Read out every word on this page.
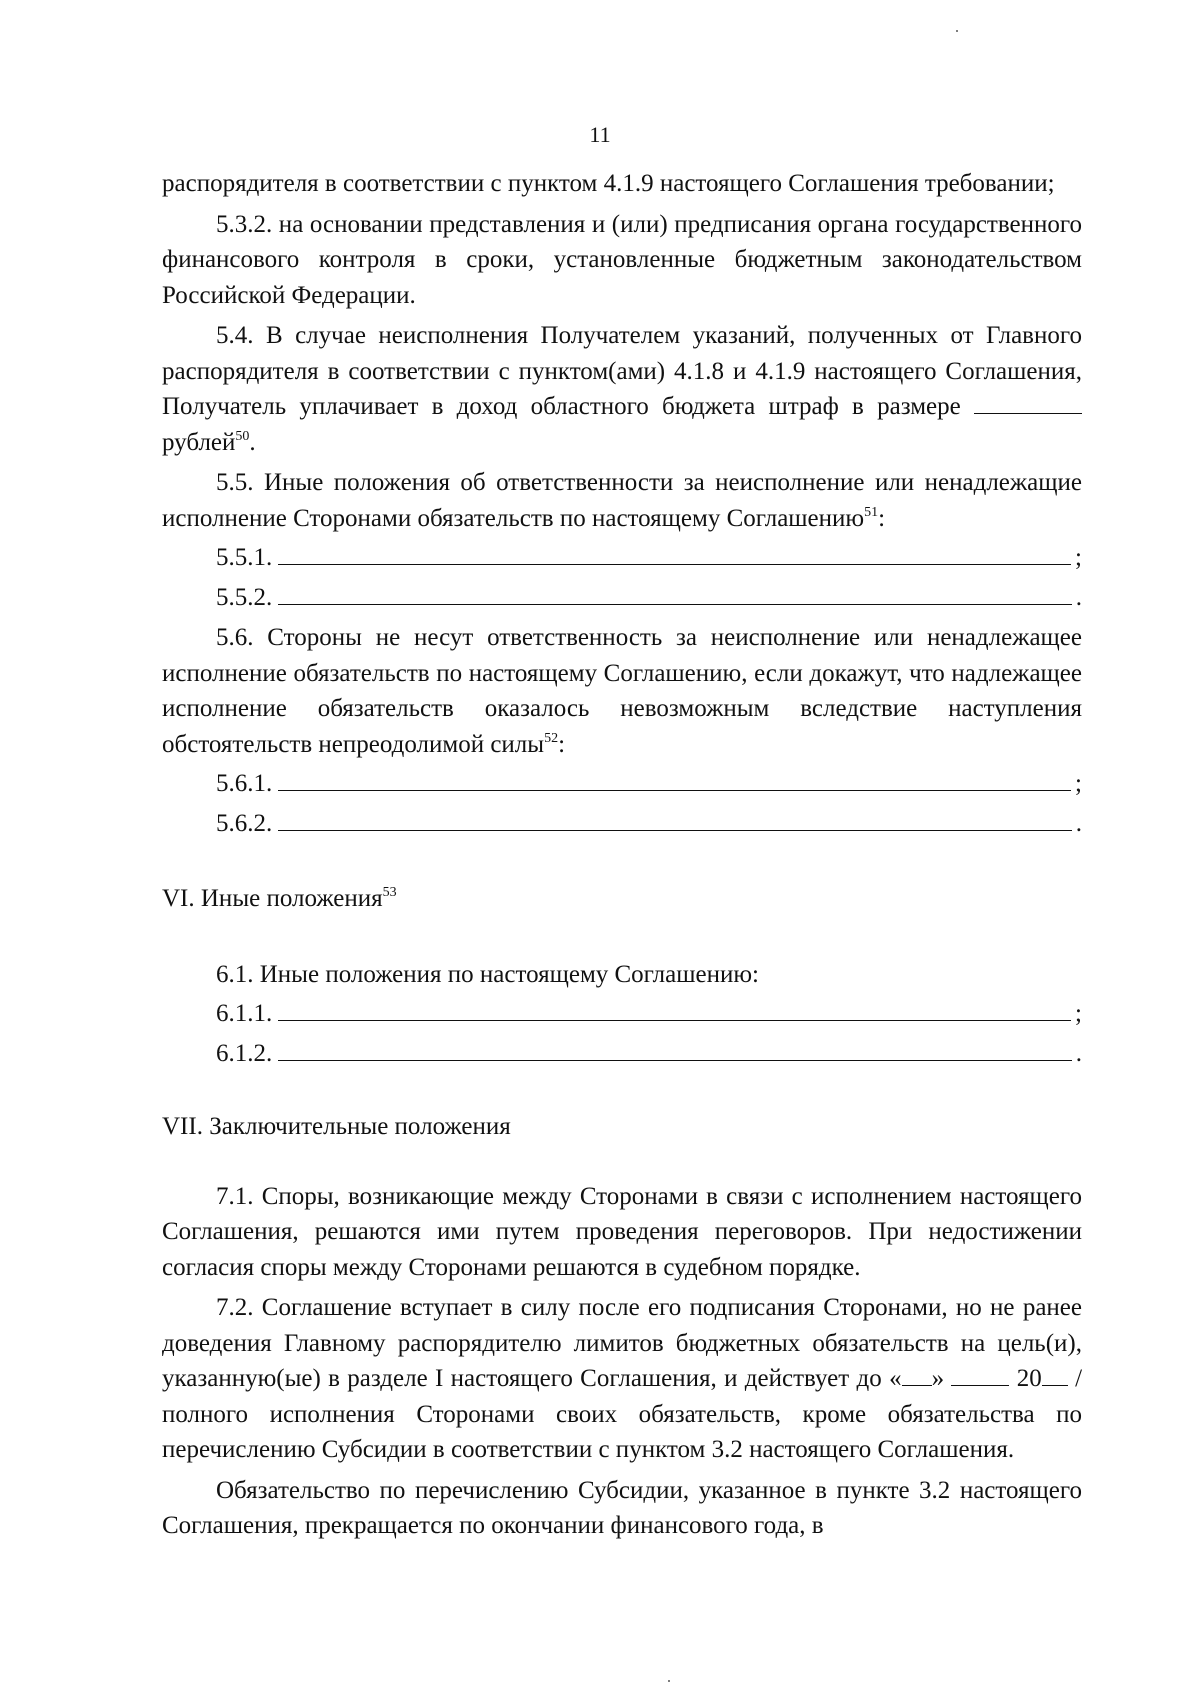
11

распорядителя в соответствии с пунктом 4.1.9 настоящего Соглашения требовании;

5.3.2. на основании представления и (или) предписания органа государственного финансового контроля в сроки, установленные бюджетным законодательством Российской Федерации.

5.4. В случае неисполнения Получателем указаний, полученных от Главного распорядителя в соответствии с пунктом(ами) 4.1.8 и 4.1.9 настоящего Соглашения, Получатель уплачивает в доход областного бюджета штраф в размере  рублей$^{50}$.

5.5. Иные положения об ответственности за неисполнение или ненадлежащие исполнение Сторонами обязательств по настоящему Соглашению$^{51}$:

5.5.1.	;
5.5.2.	.

5.6. Стороны не несут ответственность за неисполнение или ненадлежащее исполнение обязательств по настоящему Соглашению, если докажут, что надлежащее исполнение обязательств оказалось невозможным вследствие наступления обстоятельств непреодолимой силы$^{52}$:

5.6.1.	;
5.6.2.	.

VI. Иные положения$^{53}$

6.1. Иные положения по настоящему Соглашению:

6.1.1.	;
6.1.2.	.

VII. Заключительные положения

7.1. Споры, возникающие между Сторонами в связи с исполнением настоящего Соглашения, решаются ими путем проведения переговоров. При недостижении согласия споры между Сторонами решаются в судебном порядке.

7.2. Соглашение вступает в силу после его подписания Сторонами, но не ранее доведения Главному распорядителю лимитов бюджетных обязательств на цель(и), указанную(ые) в разделе I настоящего Соглашения, и действует до « »	20 /полного исполнения Сторонами своих обязательств, кроме обязательства по перечислению Субсидии в соответствии с пунктом 3.2 настоящего Соглашения.

Обязательство по перечислению Субсидии, указанное в пункте 3.2 настоящего Соглашения, прекращается по окончании финансового года, в
